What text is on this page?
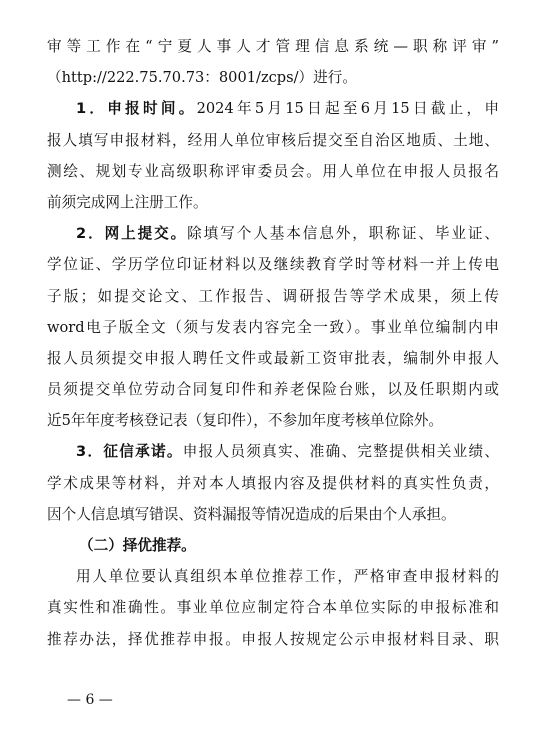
审等工作在“宁夏人事人才管理信息系统—职称评审”
（http://222.75.70.73：8001/zcps/）进行。
1．申报时间。2024年5月15日起至6月15日截止，申
报人填写申报材料，经用人单位审核后提交至自治区地质、土地、
测绘、规划专业高级职称评审委员会。用人单位在申报人员报名
前须完成网上注册工作。
2．网上提交。除填写个人基本信息外，职称证、毕业证、
学位证、学历学位印证材料以及继续教育学时等材料一并上传电
子版；如提交论文、工作报告、调研报告等学术成果，须上传
word电子版全文（须与发表内容完全一致）。事业单位编制内申
报人员须提交申报人聘任文件或最新工资审批表，编制外申报人
员须提交单位劳动合同复印件和养老保险台账，以及任职期内或
近5年年度考核登记表（复印件），不参加年度考核单位除外。
3．征信承诺。申报人员须真实、准确、完整提供相关业绩、
学术成果等材料，并对本人填报内容及提供材料的真实性负责，
因个人信息填写错误、资料漏报等情况造成的后果由个人承担。
（二）择优推荐。
用人单位要认真组织本单位推荐工作，严格审查申报材料的
真实性和准确性。事业单位应制定符合本单位实际的申报标准和
推荐办法，择优推荐申报。申报人按规定公示申报材料目录、职
— 6 —
